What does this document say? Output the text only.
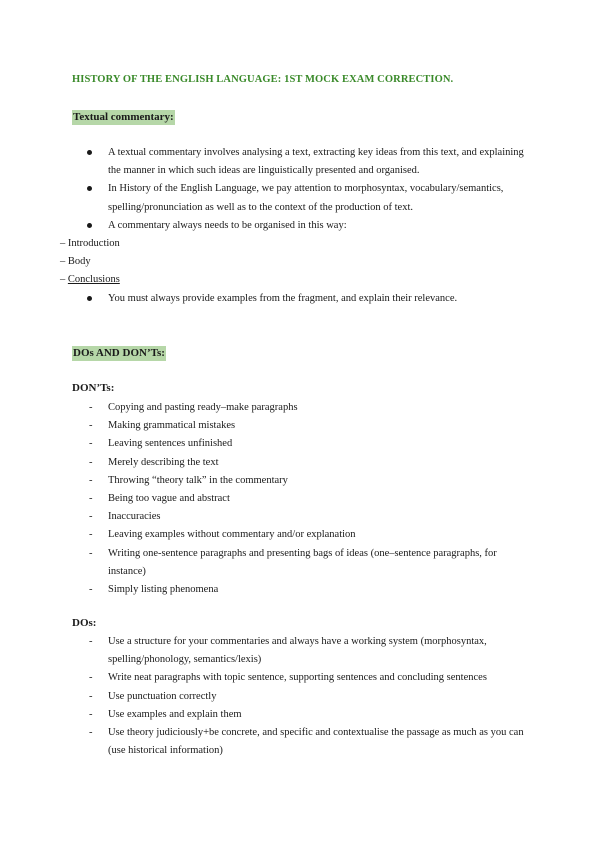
HISTORY OF THE ENGLISH LANGUAGE: 1ST MOCK EXAM CORRECTION.
Textual commentary:
A textual commentary involves analysing a text, extracting key ideas from this text, and explaining the manner in which such ideas are linguistically presented and organised.
In History of the English Language, we pay attention to morphosyntax, vocabulary/semantics, spelling/pronunciation as well as to the context of the production of text.
A commentary always needs to be organised in this way:
– Introduction
– Body
– Conclusions
You must always provide examples from the fragment, and explain their relevance.
DOs AND DON’Ts:
DON’Ts:
- Copying and pasting ready–make paragraphs
- Making grammatical mistakes
- Leaving sentences unfinished
- Merely describing the text
- Throwing “theory talk” in the commentary
- Being too vague and abstract
- Inaccuracies
- Leaving examples without commentary and/or explanation
- Writing one-sentence paragraphs and presenting bags of ideas (one–sentence paragraphs, for instance)
- Simply listing phenomena
DOs:
- Use a structure for your commentaries and always have a working system (morphosyntax, spelling/phonology, semantics/lexis)
- Write neat paragraphs with topic sentence, supporting sentences and concluding sentences
- Use punctuation correctly
- Use examples and explain them
- Use theory judiciously+be concrete, and specific and contextualise the passage as much as you can (use historical information)
